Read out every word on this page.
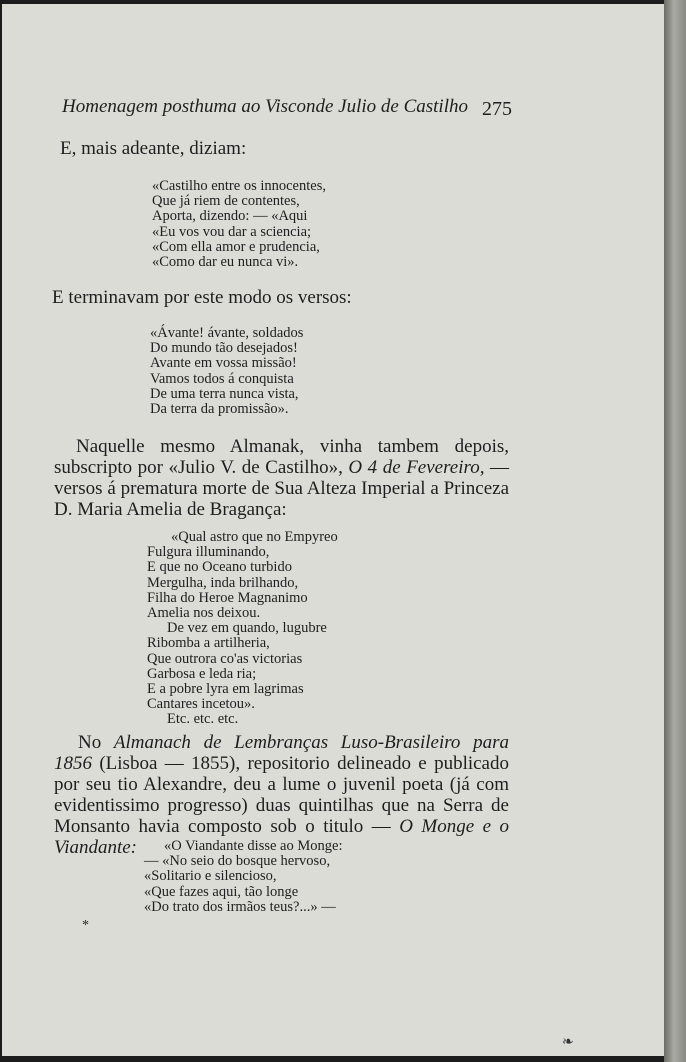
Homenagem posthuma ao Visconde Julio de Castilho 275
E, mais adeante, diziam:
«Castilho entre os innocentes,
Que já riem de contentes,
Aporta, dizendo: — «Aqui
«Eu vos vou dar a sciencia;
«Com ella amor e prudencia,
«Como dar eu nunca vi».
E terminavam por este modo os versos:
«Ávante! ávante, soldados
Do mundo tão desejados!
Avante em vossa missão!
Vamos todos á conquista
De uma terra nunca vista,
Da terra da promissão».
Naquelle mesmo Almanak, vinha tambem depois, subscripto por «Julio V. de Castilho», O 4 de Fevereiro, — versos á prematura morte de Sua Alteza Imperial a Princeza D. Maria Amelia de Bragança:
«Qual astro que no Empyreo
Fulgura illuminando,
E que no Oceano turbido
Mergulha, inda brilhando,
Filha do Heroe Magnanimo
Amelia nos deixou.
De vez em quando, lugubre
Ribomba a artilheria,
Que outrora co'as victorias
Garbosa e leda ria;
E a pobre lyra em lagrimas
Cantares incetou».
Etc. etc. etc.
No Almanach de Lembranças Luso-Brasileiro para 1856 (Lisboa — 1855), repositorio delineado e publicado por seu tio Alexandre, deu a lume o juvenil poeta (já com evidentissimo progresso) duas quintilhas que na Serra de Monsanto havia composto sob o titulo — O Monge e o Viandante:	«O Viandante disse ao Monge:
— «No seio do bosque hervoso,
«Solitario e silencioso,
«Que fazes aqui, tão longe
«Do trato dos irmãos teus?...» —
*
❧
